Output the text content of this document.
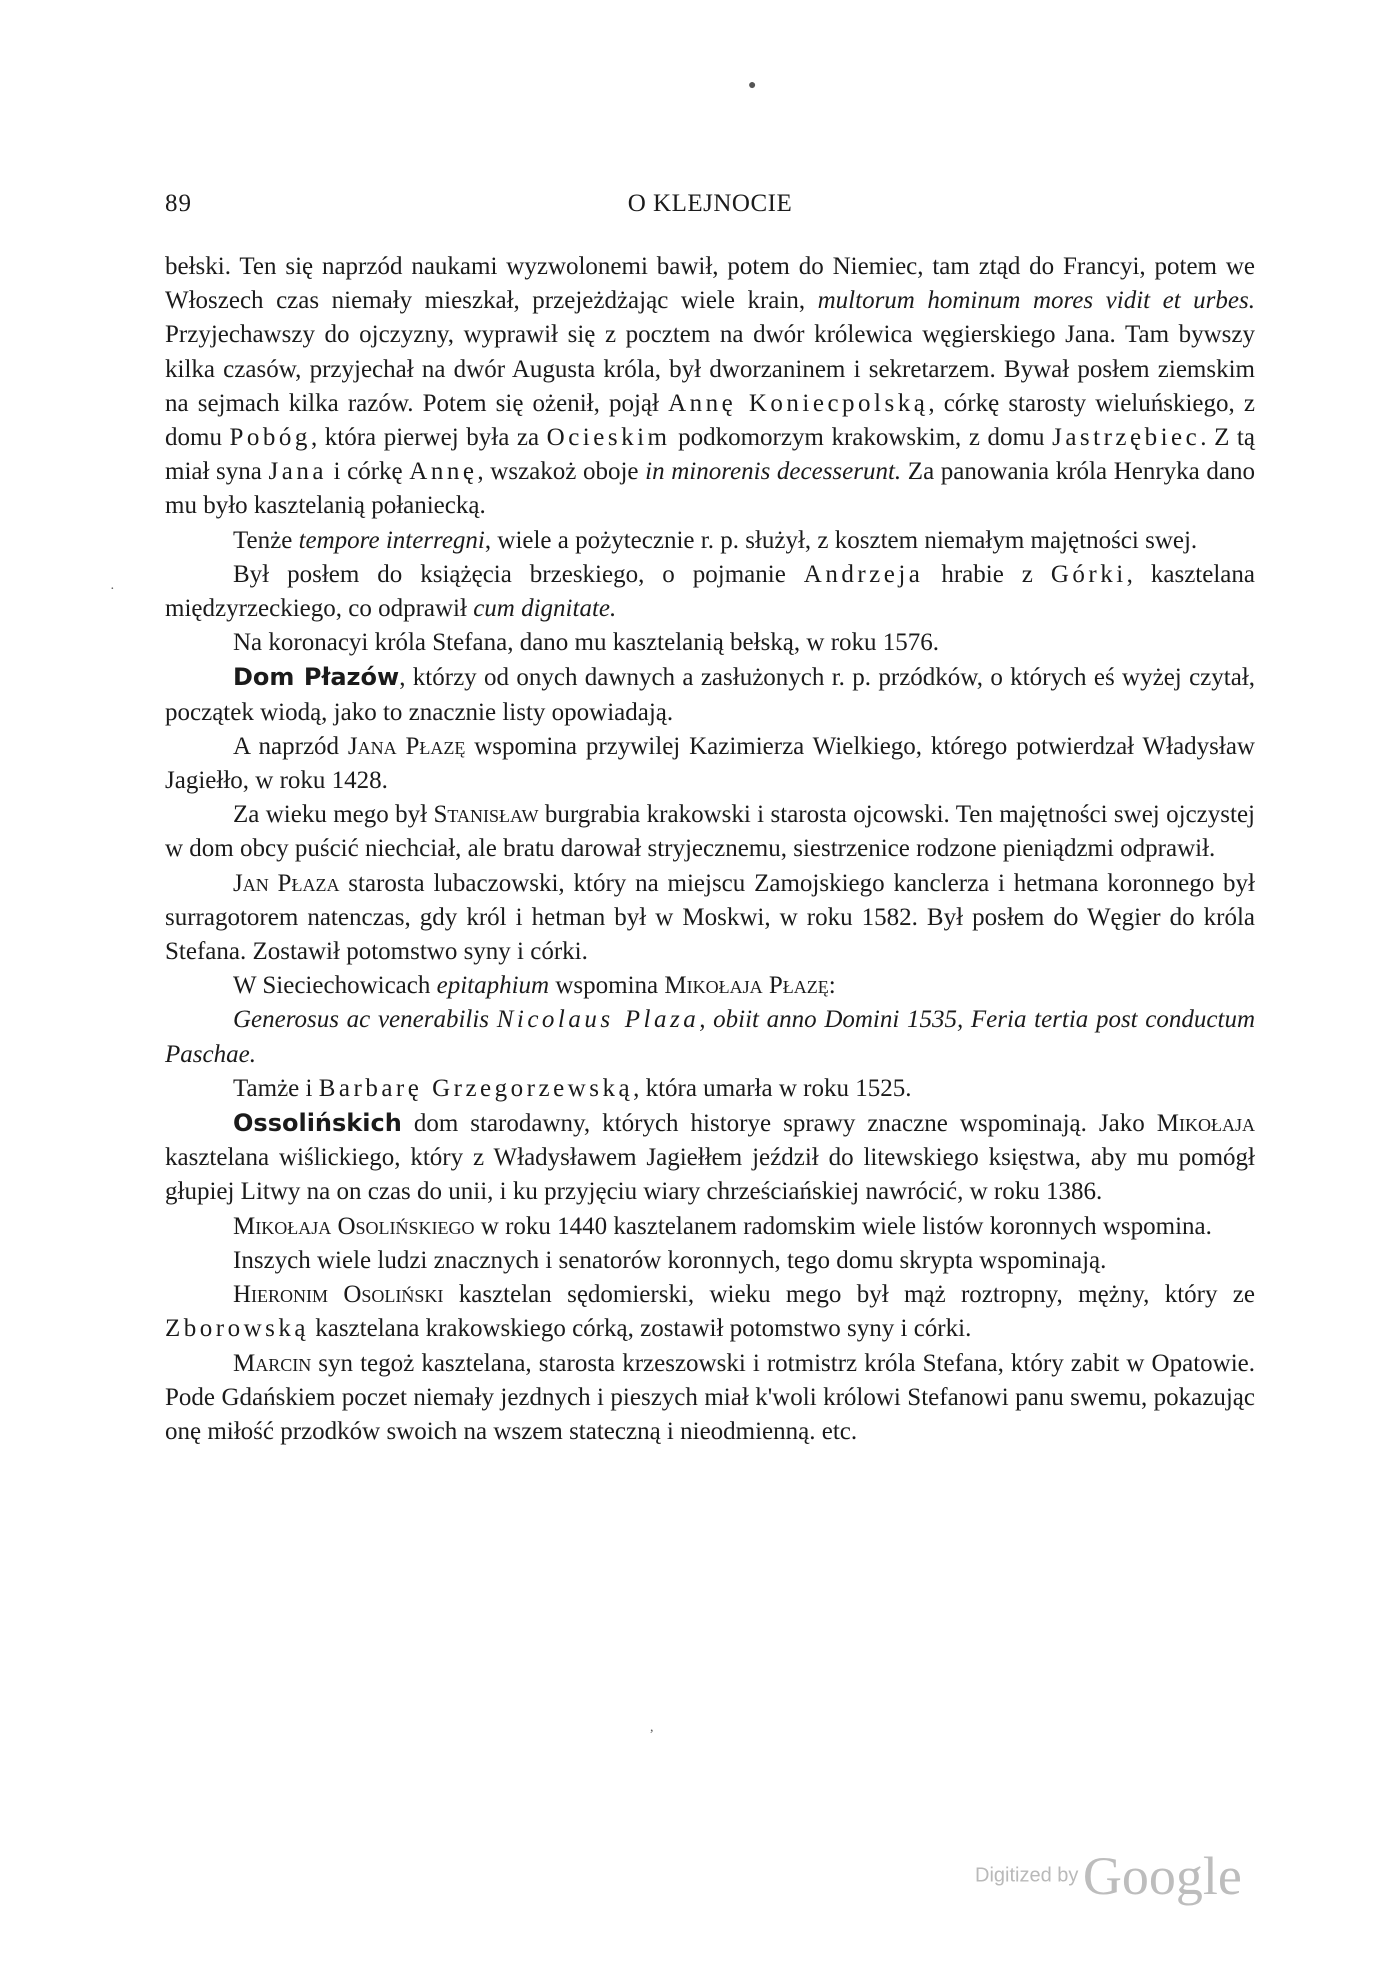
●
89	O KLEJNOCIE

bełski. Ten się naprzód naukami wyzwolonemi bawił, potem do Niemiec, tam ztąd do Francyi, potem we Włoszech czas niemały mieszkał, przejeżdżając wiele krain, multorum hominum mores vidit et urbes. Przyjechawszy do ojczyzny, wyprawił się z pocztem na dwór królewica węgierskiego Jana. Tam bywszy kilka czasów, przyjechał na dwór Augusta króla, był dworzaninem i sekretarzem. Bywał posłem ziemskim na sejmach kilka razów. Potem się ożenił, pojął Annę Koniecpolską, córkę starosty wieluńskiego, z domu Pobóg, która pierwej była za Ocieskim podkomorzym krakowskim, z domu Jastrzębiec. Z tą miał syna Jana i córkę Annę, wszakoż oboje in minorenis decesserunt. Za panowania króla Henryka dano mu było kasztelanią połaniecką.

Tenże tempore interregni, wiele a pożytecznie r. p. służył, z kosztem niemałym majętności swej.

Był posłem do książęcia brzeskiego, o pojmanie Andrzeja hrabie z Górki, kasztelana międzyrzeckiego, co odprawił cum dignitate.

Na koronacyi króla Stefana, dano mu kasztelanią bełską, w roku 1576.

Dom Płazów, którzy od onych dawnych a zasłużonych r. p. przódków, o których eś wyżej czytał, początek wiodą, jako to znacznie listy opowiadają.

A naprzód Jana Płazę wspomina przywilej Kazimierza Wielkiego, którego potwierdzał Władysław Jagiełło, w roku 1428.

Za wieku mego był Stanisław burgrabia krakowski i starosta ojcowski. Ten majętności swej ojczystej w dom obcy puścić niechciał, ale bratu darował stryjecznemu, siestrzenice rodzone pieniądzmi odprawił.

Jan Płaza starosta lubaczowski, który na miejscu Zamojskiego kanclerza i hetmana koronnego był surragotorem natenczas, gdy król i hetman był w Moskwi, w roku 1582. Był posłem do Węgier do króla Stefana. Zostawił potomstwo syny i córki.

W Sieciechowicach epitaphium wspomina Mikołaja Płazę:

Generosus ac venerabilis Nicolaus Plaza, obiit anno Domini 1535, Feria tertia post conductum Paschae.

Tamże i Barbarę Grzegorzewską, która umarła w roku 1525.

Ossolińskich dom starodawny, których historye sprawy znaczne wspominają. Jako Mikołaja kasztelana wiślickiego, który z Władysławem Jagiełłem jeździł do litewskiego księstwa, aby mu pomógł głupiej Litwy na on czas do unii, i ku przyjęciu wiary chrześciańskiej nawrócić, w roku 1386.

Mikołaja Osolińskiego w roku 1440 kasztelanem radomskim wiele listów koronnych wspomina.

Inszych wiele ludzi znacznych i senatorów koronnych, tego domu skrypta wspominają.

Hieronim Osoliński kasztelan sędomierski, wieku mego był mąż roztropny, mężny, który ze Zborowską kasztelana krakowskiego córką, zostawił potomstwo syny i córki.

Marcin syn tegoż kasztelana, starosta krzeszowski i rotmistrz króla Stefana, który zabit w Opatowie. Pode Gdańskiem poczet niemały jezdnych i pieszych miał k'woli królowi Stefanowi panu swemu, pokazując onę miłość przodków swoich na wszem stateczną i nieodmienną. etc.

·
,
Digitized by Google
